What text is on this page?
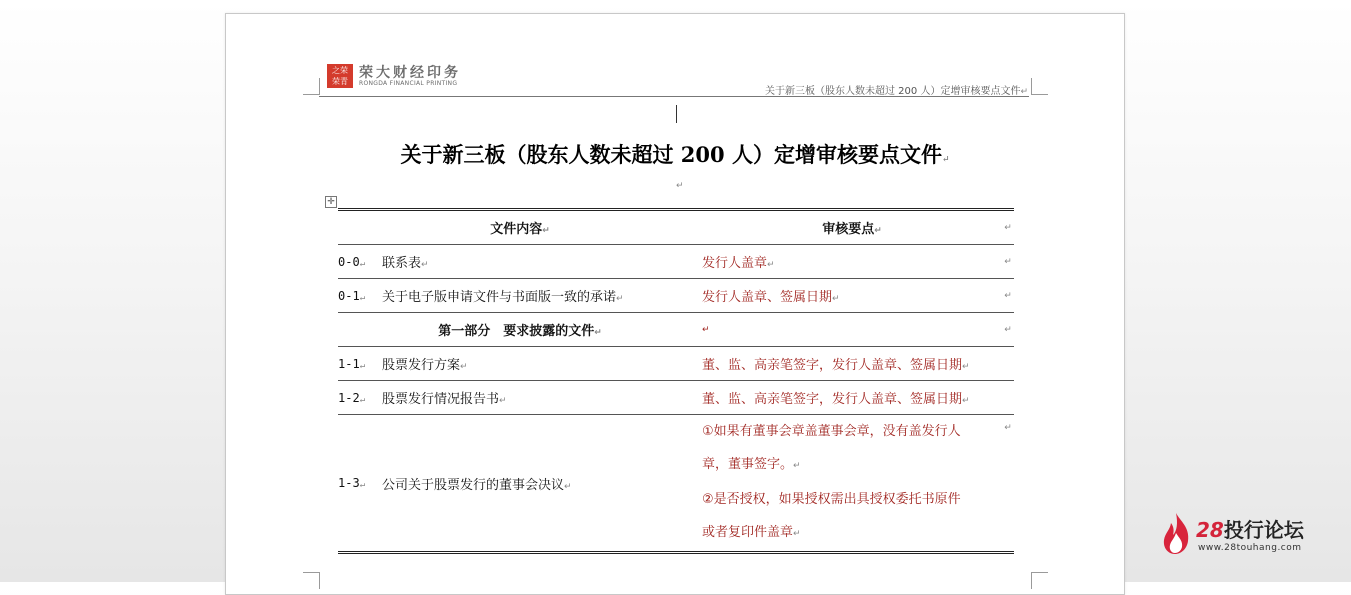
之荣 荣青
荣大财经印务
RONGDA FINANCIAL PRINTING
关于新三板（股东人数未超过 200 人）定增审核要点文件↵
关于新三板（股东人数未超过 200 人）定增审核要点文件↵
↵
✛
文件内容↵		审核要点↵	↵
0-0↵	联系表↵	发行人盖章↵	↵
0-1↵	关于电子版申请文件与书面版一致的承诺↵	发行人盖章、签属日期↵	↵
第一部分　要求披露的文件↵		↵	↵
1-1↵	股票发行方案↵	董、监、高亲笔签字，发行人盖章、签属日期↵	
1-2↵	股票发行情况报告书↵	董、监、高亲笔签字，发行人盖章、签属日期↵	
1-3↵	公司关于股票发行的董事会决议↵	①如果有董事会章盖董事会章，没有盖发行人
章，董事签字。↵
②是否授权，如果授权需出具授权委托书原件
或者复印件盖章↵	↵
28投行论坛
www.28touhang.com
